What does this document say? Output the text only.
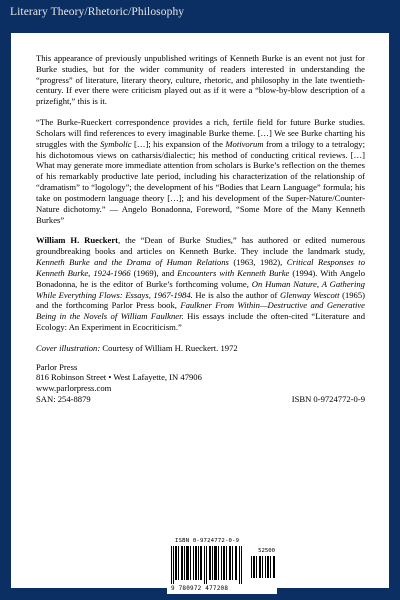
Literary Theory/Rhetoric/Philosophy

This appearance of previously unpublished writings of Kenneth Burke is an event not just for Burke studies, but for the wider community of readers interested in understanding the “progress” of literature, literary theory, culture, rhetoric, and philosophy in the late twentieth-century. If ever there were criticism played out as if it were a “blow-by-blow description of a prizefight,” this is it.

“The Burke-Rueckert correspondence provides a rich, fertile field for future Burke studies. Scholars will find references to every imaginable Burke theme. […] We see Burke charting his struggles with the Symbolic […]; his expansion of the Motivorum from a trilogy to a tetralogy; his dichotomous views on catharsis/dialectic; his method of conducting critical reviews. […] What may generate more immediate attention from scholars is Burke’s reflection on the themes of his remarkably productive late period, including his characterization of the relationship of “dramatism” to “logology”; the development of his “Bodies that Learn Language” formula; his take on postmodern language theory […]; and his development of the Super-Nature/Counter-Nature dichotomy.” — Angelo Bonadonna, Foreword, “Some More of the Many Kenneth Burkes”

William H. Rueckert, the “Dean of Burke Studies,” has authored or edited numerous groundbreaking books and articles on Kenneth Burke. They include the landmark study, Kenneth Burke and the Drama of Human Relations (1963, 1982), Critical Responses to Kenneth Burke, 1924-1966 (1969), and Encounters with Kenneth Burke (1994). With Angelo Bonadonna, he is the editor of Burke’s forthcoming volume, On Human Nature, A Gathering While Everything Flows: Essays, 1967-1984. He is also the author of Glenway Wescott (1965) and the forthcoming Parlor Press book, Faulkner From Within—Destructive and Generative Being in the Novels of William Faulkner. His essays include the often-cited “Literature and Ecology: An Experiment in Ecocriticism.”

Cover illustration: Courtesy of William H. Rueckert. 1972

Parlor Press
816 Robinson Street • West Lafayette, IN 47906
www.parlorpress.com
SAN: 254-8879	ISBN 0-9724772-0-9
ISBN 0-9724772-0-9
52500
9 780972 477208
